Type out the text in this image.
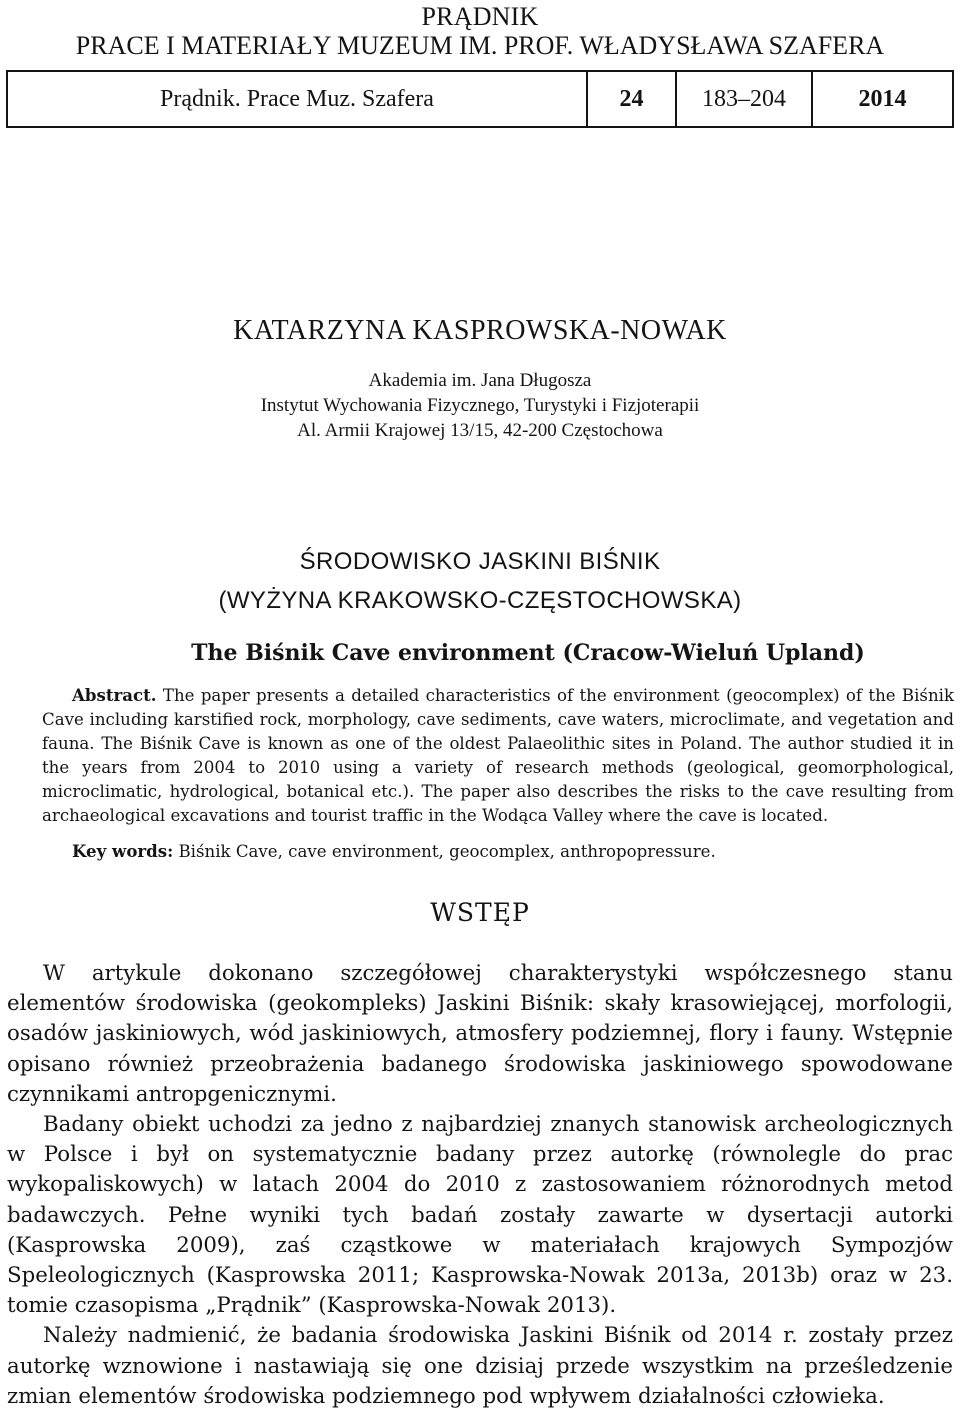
PRĄDNIK
PRACE I MATERIAŁY MUZEUM IM. PROF. WŁADYSŁAWA SZAFERA
Prądnik. Prace Muz. Szafera	24	183–204	2014
KATARZYNA KASPROWSKA-NOWAK
Akademia im. Jana Długosza
Instytut Wychowania Fizycznego, Turystyki i Fizjoterapii
Al. Armii Krajowej 13/15, 42-200 Częstochowa
ŚRODOWISKO JASKINI BIŚNIK
(WYŻYNA KRAKOWSKO-CZĘSTOCHOWSKA)
The Biśnik Cave environment (Cracow-Wieluń Upland)
Abstract. The paper presents a detailed characteristics of the environment (geocomplex) of the Biśnik Cave including karstified rock, morphology, cave sediments, cave waters, microclimate, and vegetation and fauna. The Biśnik Cave is known as one of the oldest Palaeolithic sites in Poland. The author studied it in the years from 2004 to 2010 using a variety of research methods (geological, geomorphological, microclimatic, hydrological, botanical etc.). The paper also describes the risks to the cave resulting from archaeological excavations and tourist traffic in the Wodąca Valley where the cave is located.
Key words: Biśnik Cave, cave environment, geocomplex, anthropopressure.
WSTĘP

W artykule dokonano szczegółowej charakterystyki współczesnego stanu elementów środowiska (geokompleks) Jaskini Biśnik: skały krasowiejącej, morfologii, osadów jaskiniowych, wód jaskiniowych, atmosfery podziemnej, flory i fauny. Wstępnie opisano również przeobrażenia badanego środowiska jaskiniowego spowodowane czynnikami antropgenicznymi.

Badany obiekt uchodzi za jedno z najbardziej znanych stanowisk archeologicznych w Polsce i był on systematycznie badany przez autorkę (równolegle do prac wykopaliskowych) w latach 2004 do 2010 z zastosowaniem różnorodnych metod badawczych. Pełne wyniki tych badań zostały zawarte w dysertacji autorki (Kasprowska 2009), zaś cząstkowe w materiałach krajowych Sympozjów Speleologicznych (Kasprowska 2011; Kasprowska-Nowak 2013a, 2013b) oraz w 23. tomie czasopisma „Prądnik” (Kasprowska-Nowak 2013).

Należy nadmienić, że badania środowiska Jaskini Biśnik od 2014 r. zostały przez autorkę wznowione i nastawiają się one dzisiaj przede wszystkim na prześledzenie zmian elementów środowiska podziemnego pod wpływem działalności człowieka.
